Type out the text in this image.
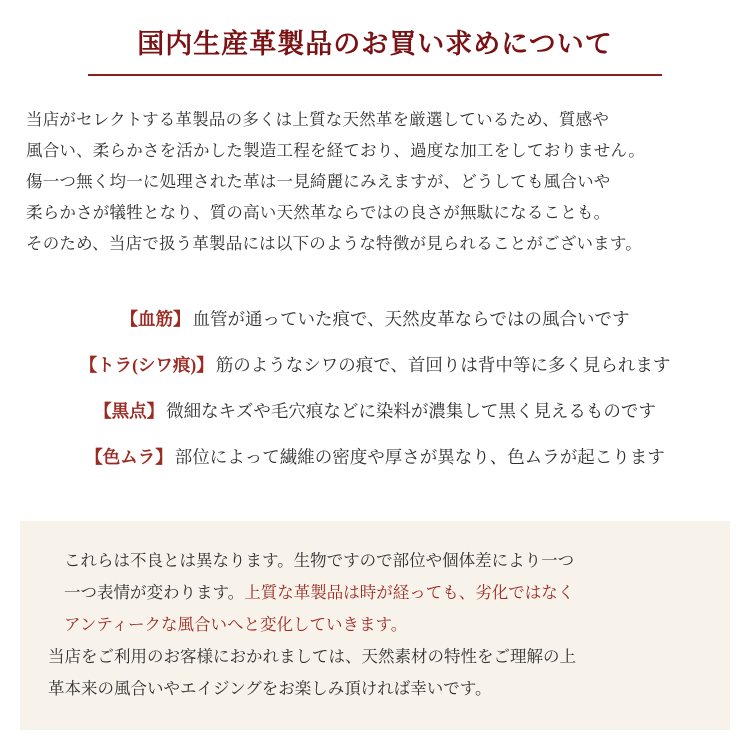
国内生産革製品のお買い求めについて

当店がセレクトする革製品の多くは上質な天然革を厳選しているため、質感や

風合い、柔らかさを活かした製造工程を経ており、過度な加工をしておりません。

傷一つ無く均一に処理された革は一見綺麗にみえますが、どうしても風合いや

柔らかさが犠牲となり、質の高い天然革ならではの良さが無駄になることも。

そのため、当店で扱う革製品には以下のような特徴が見られることがございます。

【血筋】 血管が通っていた痕で、天然皮革ならではの風合いです
【トラ(シワ痕)】 筋のようなシワの痕で、首回りは背中等に多く見られます
【黒点】 微細なキズや毛穴痕などに染料が濃集して黒く見えるものです
【色ムラ】 部位によって繊維の密度や厚さが異なり、色ムラが起こります

これらは不良とは異なります。生物ですので部位や個体差により一つ

一つ表情が変わります。上質な革製品は時が経っても、劣化ではなく

アンティークな風合いへと変化していきます。

当店をご利用のお客様におかれましては、天然素材の特性をご理解の上

革本来の風合いやエイジングをお楽しみ頂ければ幸いです。
